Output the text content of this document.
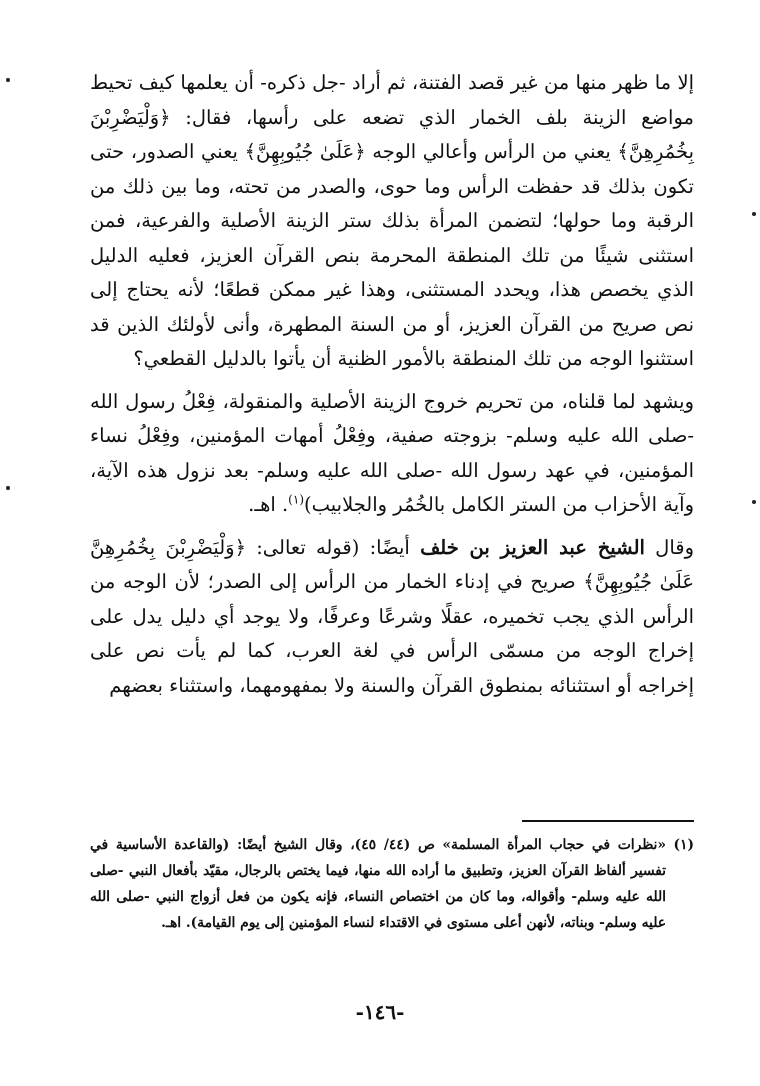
إلا ما ظهر منها من غير قصد الفتنة، ثم أراد -جل ذكره- أن يعلمها كيف تحيط مواضع الزينة بلف الخمار الذي تضعه على رأسها، فقال: ﴿وَلْيَضْرِبْنَ بِخُمُرِهِنَّ﴾ يعني من الرأس وأعالي الوجه ﴿عَلَىٰ جُيُوبِهِنَّ﴾ يعني الصدور، حتى تكون بذلك قد حفظت الرأس وما حوى، والصدر من تحته، وما بين ذلك من الرقبة وما حولها؛ لتضمن المرأة بذلك ستر الزينة الأصلية والفرعية، فمن استثنى شيئًا من تلك المنطقة المحرمة بنص القرآن العزيز، فعليه الدليل الذي يخصص هذا، ويحدد المستثنى، وهذا غير ممكن قطعًا؛ لأنه يحتاج إلى نص صريح من القرآن العزيز، أو من السنة المطهرة، وأنى لأولئك الذين قد استثنوا الوجه من تلك المنطقة بالأمور الظنية أن يأتوا بالدليل القطعي؟

ويشهد لما قلناه، من تحريم خروج الزينة الأصلية والمنقولة، فِعْلُ رسول الله -صلى الله عليه وسلم- بزوجته صفية، وفِعْلُ أمهات المؤمنين، وفِعْلُ نساء المؤمنين، في عهد رسول الله -صلى الله عليه وسلم- بعد نزول هذه الآية، وآية الأحزاب من الستر الكامل بالخُمُر والجلابيب)$^{(١)}$. اهـ.

وقال الشيخ عبد العزيز بن خلف أيضًا: (قوله تعالى: ﴿وَلْيَضْرِبْنَ بِخُمُرِهِنَّ عَلَىٰ جُيُوبِهِنَّ﴾ صريح في إدناء الخمار من الرأس إلى الصدر؛ لأن الوجه من الرأس الذي يجب تخميره، عقلًا وشرعًا وعرفًا، ولا يوجد أي دليل يدل على إخراج الوجه من مسمّى الرأس في لغة العرب، كما لم يأت نص على إخراجه أو استثنائه بمنطوق القرآن والسنة ولا بمفهومهما، واستثناء بعضهم

(١)
«نظرات في حجاب المرأة المسلمة» ص (٤٤/ ٤٥)، وقال الشيخ أيضًا: (والقاعدة الأساسية في تفسير ألفاظ القرآن العزيز، وتطبيق ما أراده الله منها، فيما يختص بالرجال، مقيّد بأفعال النبي -صلى الله عليه وسلم- وأقواله، وما كان من اختصاص النساء، فإنه يكون من فعل أزواج النبي -صلى الله عليه وسلم- وبناته، لأنهن أعلى مستوى في الاقتداء لنساء المؤمنين إلى يوم القيامة). اهـ.
-١٤٦-
